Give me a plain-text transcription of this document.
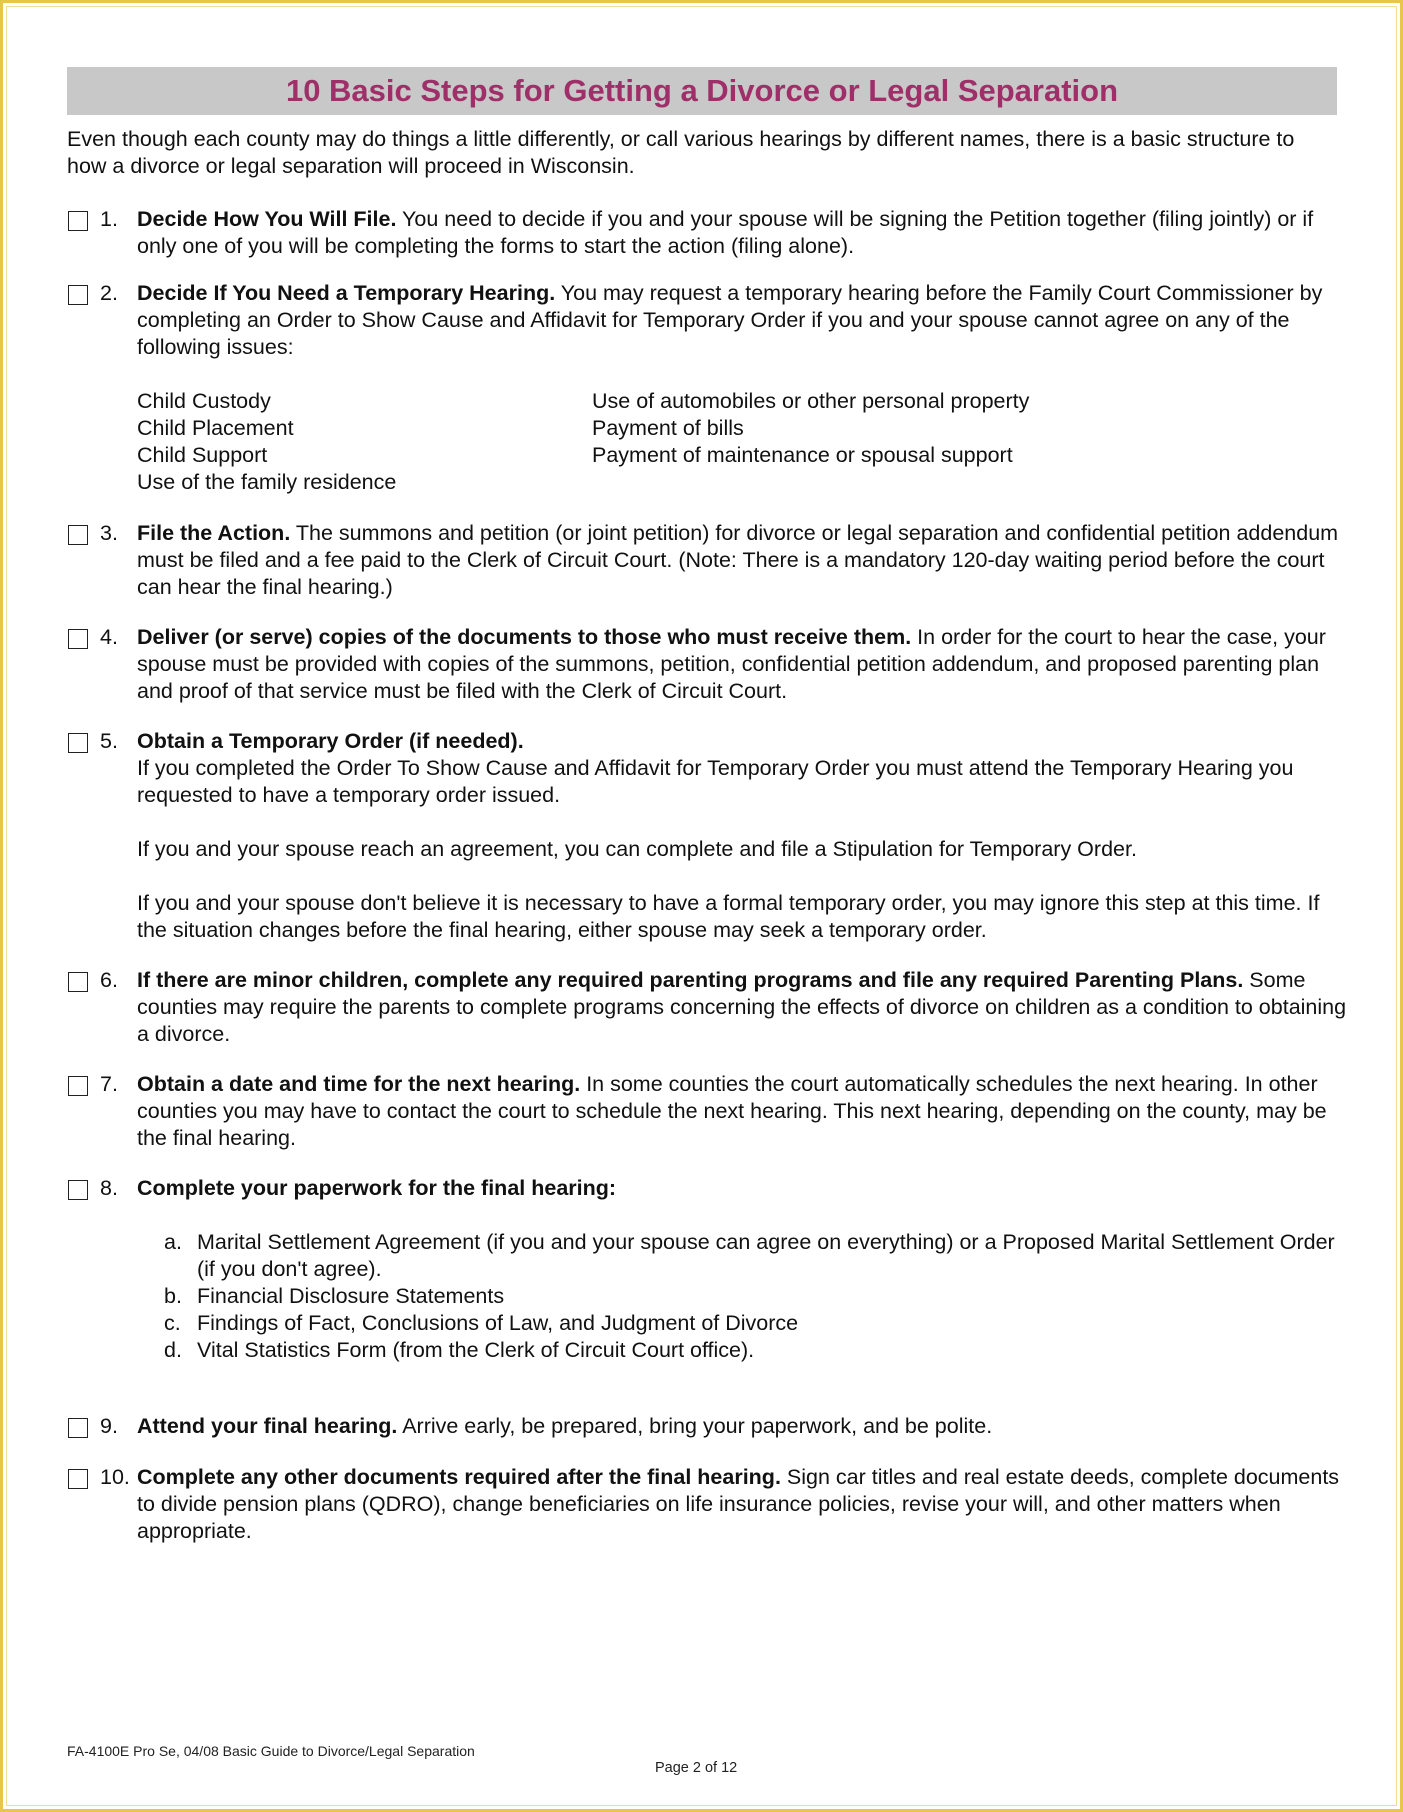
10 Basic Steps for Getting a Divorce or Legal Separation

Even though each county may do things a little differently, or call various hearings by different names, there is a basic structure to how a divorce or legal separation will proceed in Wisconsin.

1. Decide How You Will File. You need to decide if you and your spouse will be signing the Petition together (filing jointly) or if only one of you will be completing the forms to start the action (filing alone).
2. Decide If You Need a Temporary Hearing. You may request a temporary hearing before the Family Court Commissioner by completing an Order to Show Cause and Affidavit for Temporary Order if you and your spouse cannot agree on any of the following issues:
Child Custody
Child Placement
Child Support
Use of the family residence
Use of automobiles or other personal property
Payment of bills
Payment of maintenance or spousal support
3. File the Action. The summons and petition (or joint petition) for divorce or legal separation and confidential petition addendum must be filed and a fee paid to the Clerk of Circuit Court. (Note: There is a mandatory 120-day waiting period before the court can hear the final hearing.)
4. Deliver (or serve) copies of the documents to those who must receive them. In order for the court to hear the case, your spouse must be provided with copies of the summons, petition, confidential petition addendum, and proposed parenting plan and proof of that service must be filed with the Clerk of Circuit Court.
5. Obtain a Temporary Order (if needed).
If you completed the Order To Show Cause and Affidavit for Temporary Order you must attend the Temporary Hearing you requested to have a temporary order issued.
If you and your spouse reach an agreement, you can complete and file a Stipulation for Temporary Order.
If you and your spouse don't believe it is necessary to have a formal temporary order, you may ignore this step at this time. If the situation changes before the final hearing, either spouse may seek a temporary order.
6. If there are minor children, complete any required parenting programs and file any required Parenting Plans. Some counties may require the parents to complete programs concerning the effects of divorce on children as a condition to obtaining a divorce.
7. Obtain a date and time for the next hearing. In some counties the court automatically schedules the next hearing. In other counties you may have to contact the court to schedule the next hearing. This next hearing, depending on the county, may be the final hearing.
8. Complete your paperwork for the final hearing:
a. Marital Settlement Agreement (if you and your spouse can agree on everything) or a Proposed Marital Settlement Order (if you don't agree).
b. Financial Disclosure Statements
c. Findings of Fact, Conclusions of Law, and Judgment of Divorce
d. Vital Statistics Form (from the Clerk of Circuit Court office).
9. Attend your final hearing. Arrive early, be prepared, bring your paperwork, and be polite.
10. Complete any other documents required after the final hearing. Sign car titles and real estate deeds, complete documents to divide pension plans (QDRO), change beneficiaries on life insurance policies, revise your will, and other matters when appropriate.
FA-4100E Pro Se, 04/08 Basic Guide to Divorce/Legal Separation
Page 2 of 12
